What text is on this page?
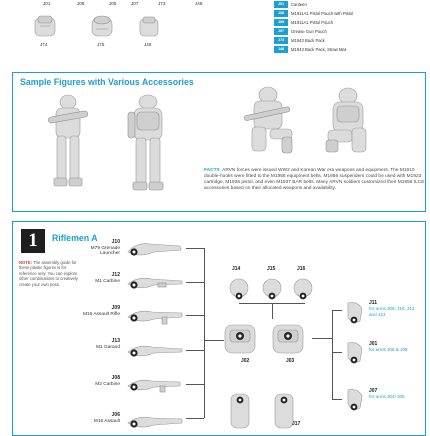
J01	J08	J05	J07	J73	J48
J74	J75	J46
J01	Canteen
J08	M1911A1 Pistol Pouch with Pistol
J05	M1911A1 Pistol Pouch
J07	Grease Gun Pouch
J73	M1943 Back Pack
J48	M1943 Back Pack, Straw Mat
Sample Figures with Various Accessories
FACTS ARVN forces were issued WW2 and Korean War era weapons and equipment. The M1910 double-hooks were fitted to the M1956 equipment belts. M1956 suspenders could be used with M1923 cartridge, M1936 pistol, and even M1937 BAR belts. Many ARVN soldiers customized their M1956 ILCE accessories based on their allocated weapons and availability.
1	Riflemen A
NOTE: The assembly guide for these plastic figures is for reference only. You can explore other combinations to creatively create your own pose.
J10
M79 Grenade Launcher
J12
M1 Carbine
J09
M16 Assault Rifle
J13
M1 Garand
J08
M2 Carbine
J06
M16 Assault
J14	J15	J16
J02	J03
J17
J11
for arms J09, J10, J12 and J13
J01
for arms J06 & J08
J07
for arms J04+J05
